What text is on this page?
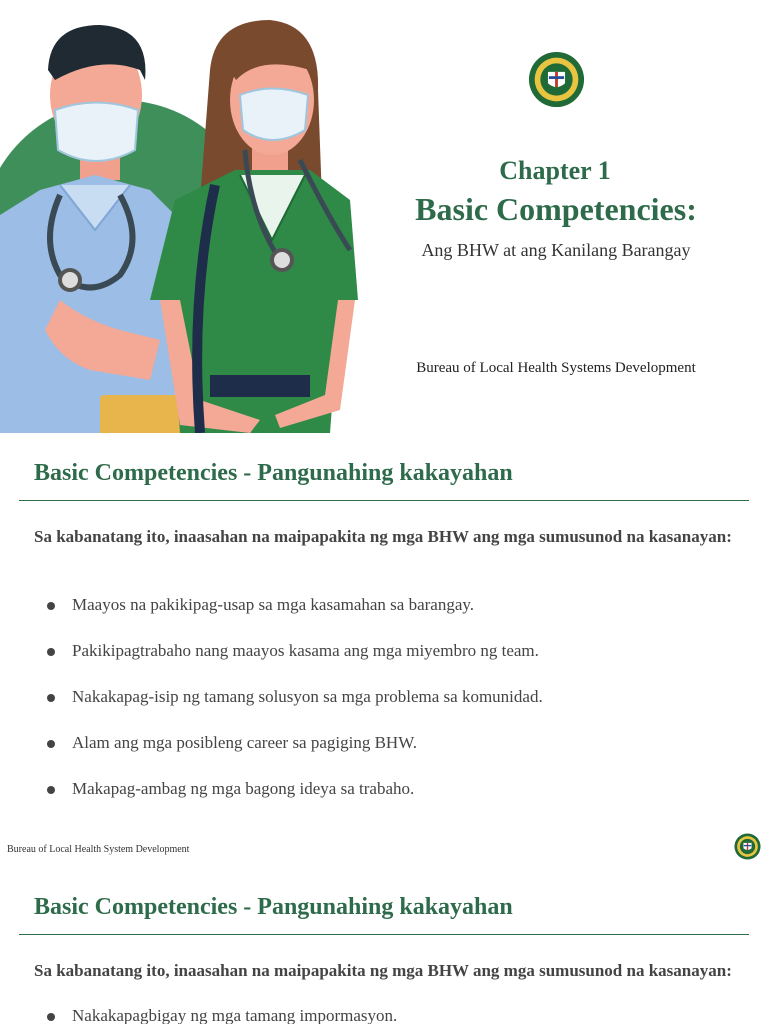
Chapter 1
Basic Competencies:
Ang BHW at ang Kanilang Barangay
Bureau of Local Health Systems Development
Basic Competencies - Pangunahing kakayahan
Sa kabanatang ito, inaasahan na maipapakita ng mga BHW ang mga sumusunod na kasanayan:
Maayos na pakikipag-usap sa mga kasamahan sa barangay.
Pakikipagtrabaho nang maayos kasama ang mga miyembro ng team.
Nakakapag-isip ng tamang solusyon sa mga problema sa komunidad.
Alam ang mga posibleng career sa pagiging BHW.
Makapag-ambag ng mga bagong ideya sa trabaho.
Bureau of Local Health System Development
Basic Competencies - Pangunahing kakayahan
Sa kabanatang ito, inaasahan na maipapakita ng mga BHW ang mga sumusunod na kasanayan:
Nakakapagbigay ng mga tamang impormasyon.
